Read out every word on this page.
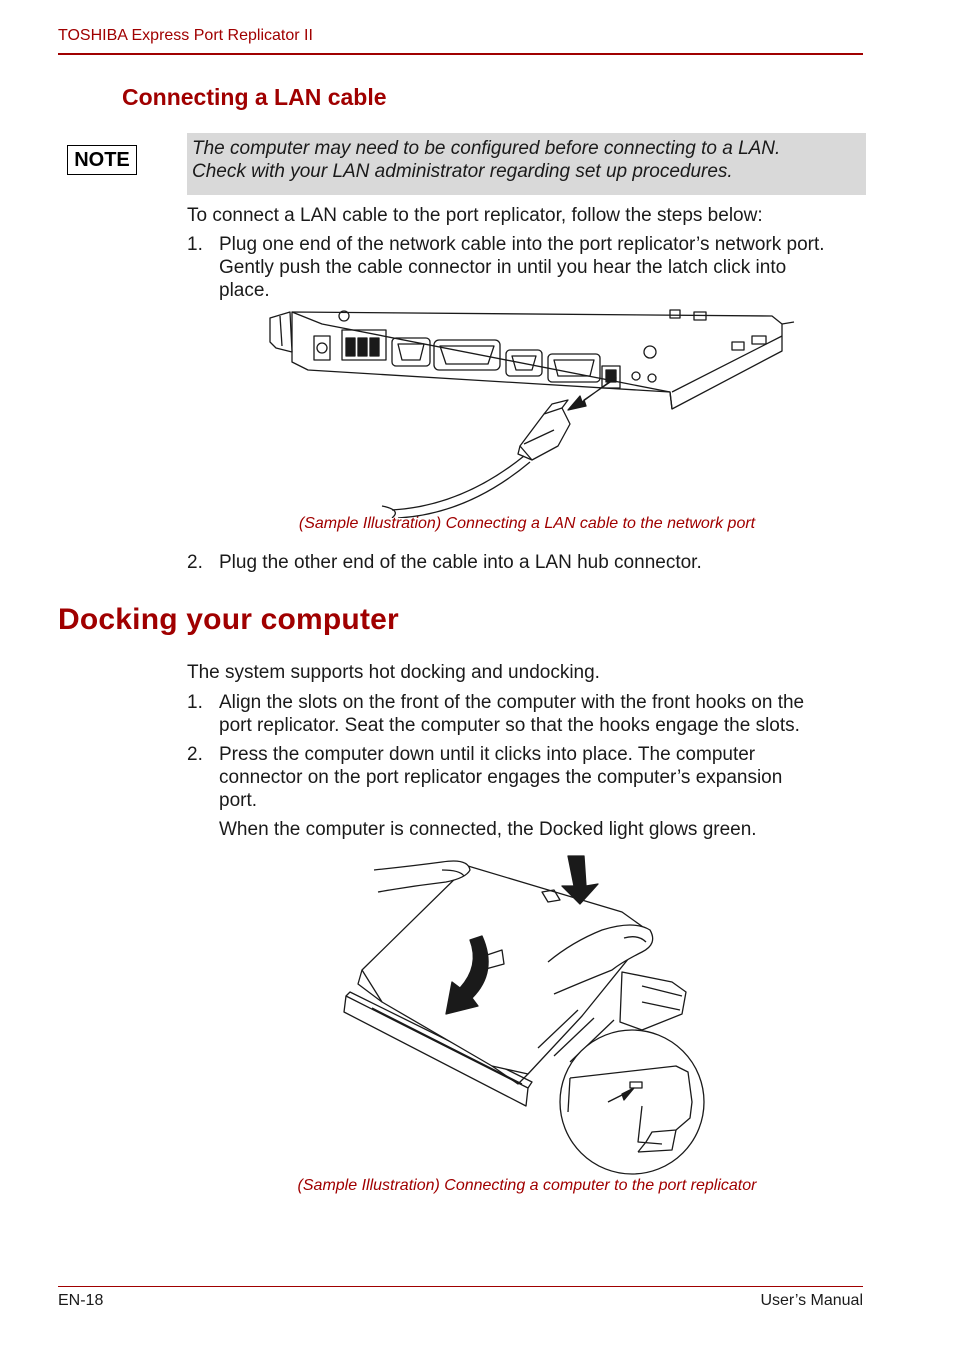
TOSHIBA Express Port Replicator II
Connecting a LAN cable
NOTE
The computer may need to be configured before connecting to a LAN.
Check with your LAN administrator regarding set up procedures.
To connect a LAN cable to the port replicator, follow the steps below:
1. Plug one end of the network cable into the port replicator’s network port.
Gently push the cable connector in until you hear the latch click into
place.
(Sample Illustration) Connecting a LAN cable to the network port
2. Plug the other end of the cable into a LAN hub connector.
Docking your computer
The system supports hot docking and undocking.
1. Align the slots on the front of the computer with the front hooks on the
port replicator. Seat the computer so that the hooks engage the slots.
2. Press the computer down until it clicks into place. The computer
connector on the port replicator engages the computer’s expansion
port.
When the computer is connected, the Docked light glows green.
(Sample Illustration) Connecting a computer to the port replicator
EN-18	User’s Manual
